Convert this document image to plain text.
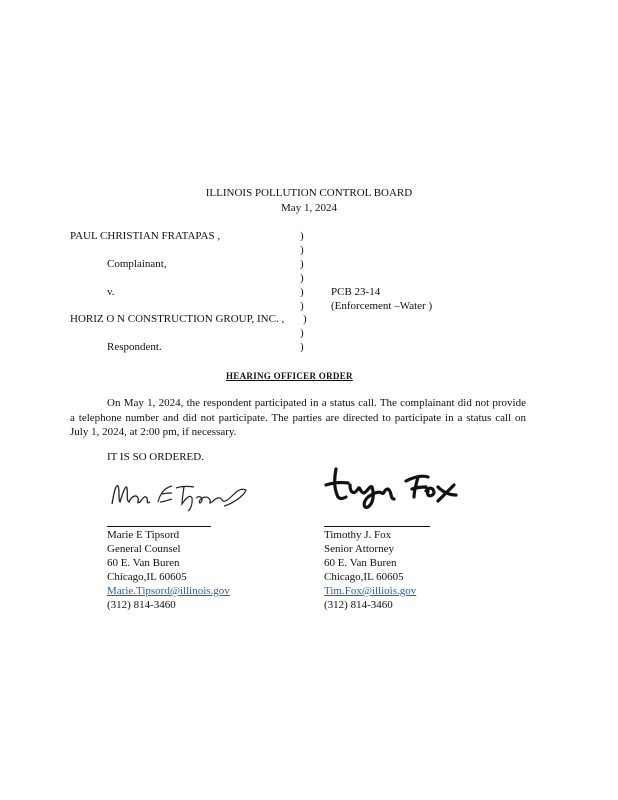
ILLINOIS POLLUTION CONTROL BOARD
May 1, 2024
PAUL CHRISTIAN FRATAPAS ,
Complainant,
v.
HORIZ O N CONSTRUCTION GROUP, INC. ,
Respondent.
)
)
)
)
)
)
)
)
)
PCB 23-14
(Enforcement –Water )
HEARING OFFICER ORDER

On May 1, 2024, the respondent participated in a status call. The complainant did not provide a telephone number and did not participate. The parties are directed to participate in a status call on July 1, 2024, at 2:00 pm, if necessary.

IT IS SO ORDERED.
Marie E Tipsord
General Counsel
60 E. Van Buren
Chicago,IL 60605
Marie.Tipsord@illinois.gov
(312) 814-3460
Timothy J. Fox
Senior Attorney
60 E. Van Buren
Chicago,IL 60605
Tim.Fox@illiois.gov
(312) 814-3460
